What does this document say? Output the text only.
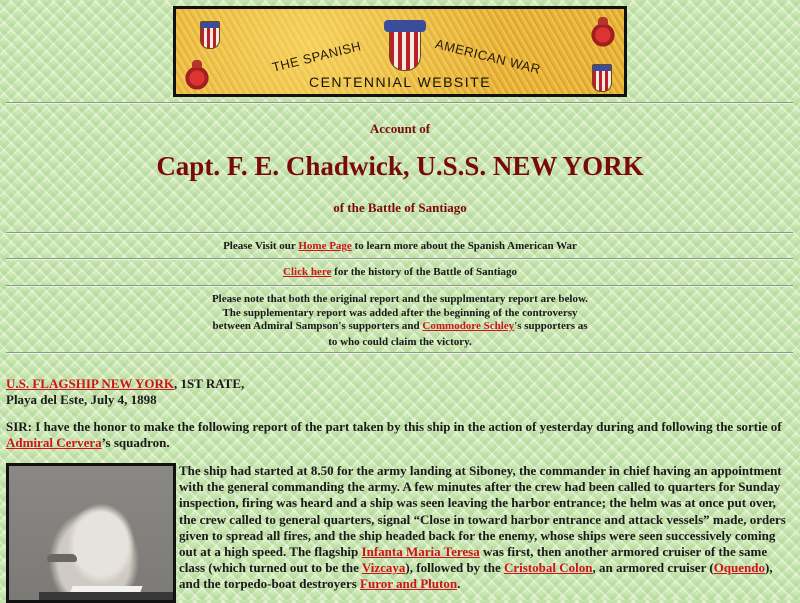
THE SPANISH	AMERICAN WAR
CENTENNIAL WEBSITE
Account of
Capt. F. E. Chadwick, U.S.S. NEW YORK
of the Battle of Santiago
Please Visit our Home Page to learn more about the Spanish American War
Click here for the history of the Battle of Santiago
Please note that both the original report and the supplmentary report are below.
The supplementary report was added after the beginning of the controversy
between Admiral Sampson's supporters and Commodore Schley's supporters as
to who could claim the victory.
U.S. FLAGSHIP NEW YORK, 1ST RATE,
Playa del Este, July 4, 1898
SIR: I have the honor to make the following report of the part taken by this ship in the action of yesterday during and following the sortie of Admiral Cervera’s squadron.
The ship had started at 8.50 for the army landing at Siboney, the commander in chief having an appointment with the general commanding the army. A few minutes after the crew had been called to quarters for Sunday inspection, firing was heard and a ship was seen leaving the harbor entrance; the helm was at once put over, the crew called to general quarters, signal “Close in toward harbor entrance and attack vessels” made, orders given to spread all fires, and the ship headed back for the enemy, whose ships were seen successively coming out at a high speed. The flagship Infanta Maria Teresa was first, then another armored cruiser of the same class (which turned out to be the Vizcaya), followed by the Cristobal Colon, an armored cruiser (Oquendo), and the torpedo-boat destroyers Furor and Pluton.
